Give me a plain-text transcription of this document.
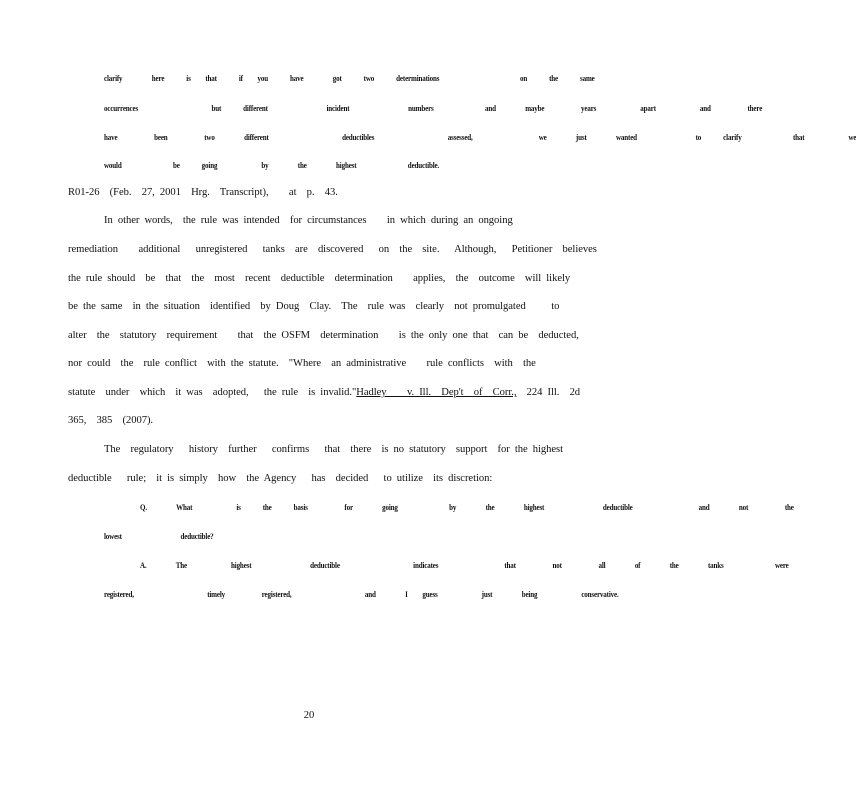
clarify    here   is  that   if  you   have    got   two   determinations           on   the   same
occurrences          but   different        incident        numbers       and    maybe     years      apart      and     there
have     been     two    different          deductibles          assessed,         we    just    wanted        to   clarify       that      we
would       be   going      by    the    highest       deductible.
R01-26  (Feb.  27, 2001  Hrg.  Transcript),    at  p.  43.
In other words,  the rule was intended  for circumstances    in which during an ongoing
remediation    additional   unregistered   tanks  are  discovered   on  the  site.   Although,   Petitioner  believes
the rule should  be  that  the  most  recent  deductible  determination    applies,  the  outcome  will likely
be the same  in the situation  identified  by Doug  Clay.  The  rule was  clearly  not promulgated     to
alter  the  statutory  requirement    that  the OSFM  determination    is the only one that  can be  deducted,
nor could  the  rule conflict  with the statute.  "Where  an administrative    rule conflicts  with  the
statute  under  which  it was  adopted,   the rule  is invalid."Hadley    v. Ill.  Dep't  of  Corr.,  224 Ill.  2d
365,  385  (2007).
The  regulatory   history  further   confirms   that  there  is no statutory  support  for the highest
deductible   rule;  it is simply  how  the Agency   has  decided   to utilize  its discretion:
Q.    What      is   the   basis     for    going       by    the    highest        deductible         and    not     the
lowest        deductible?
A.    The      highest        deductible          indicates         that     not     all    of    the    tanks       were
registered,          timely     registered,          and    I  guess      just    being      conservative.
20
